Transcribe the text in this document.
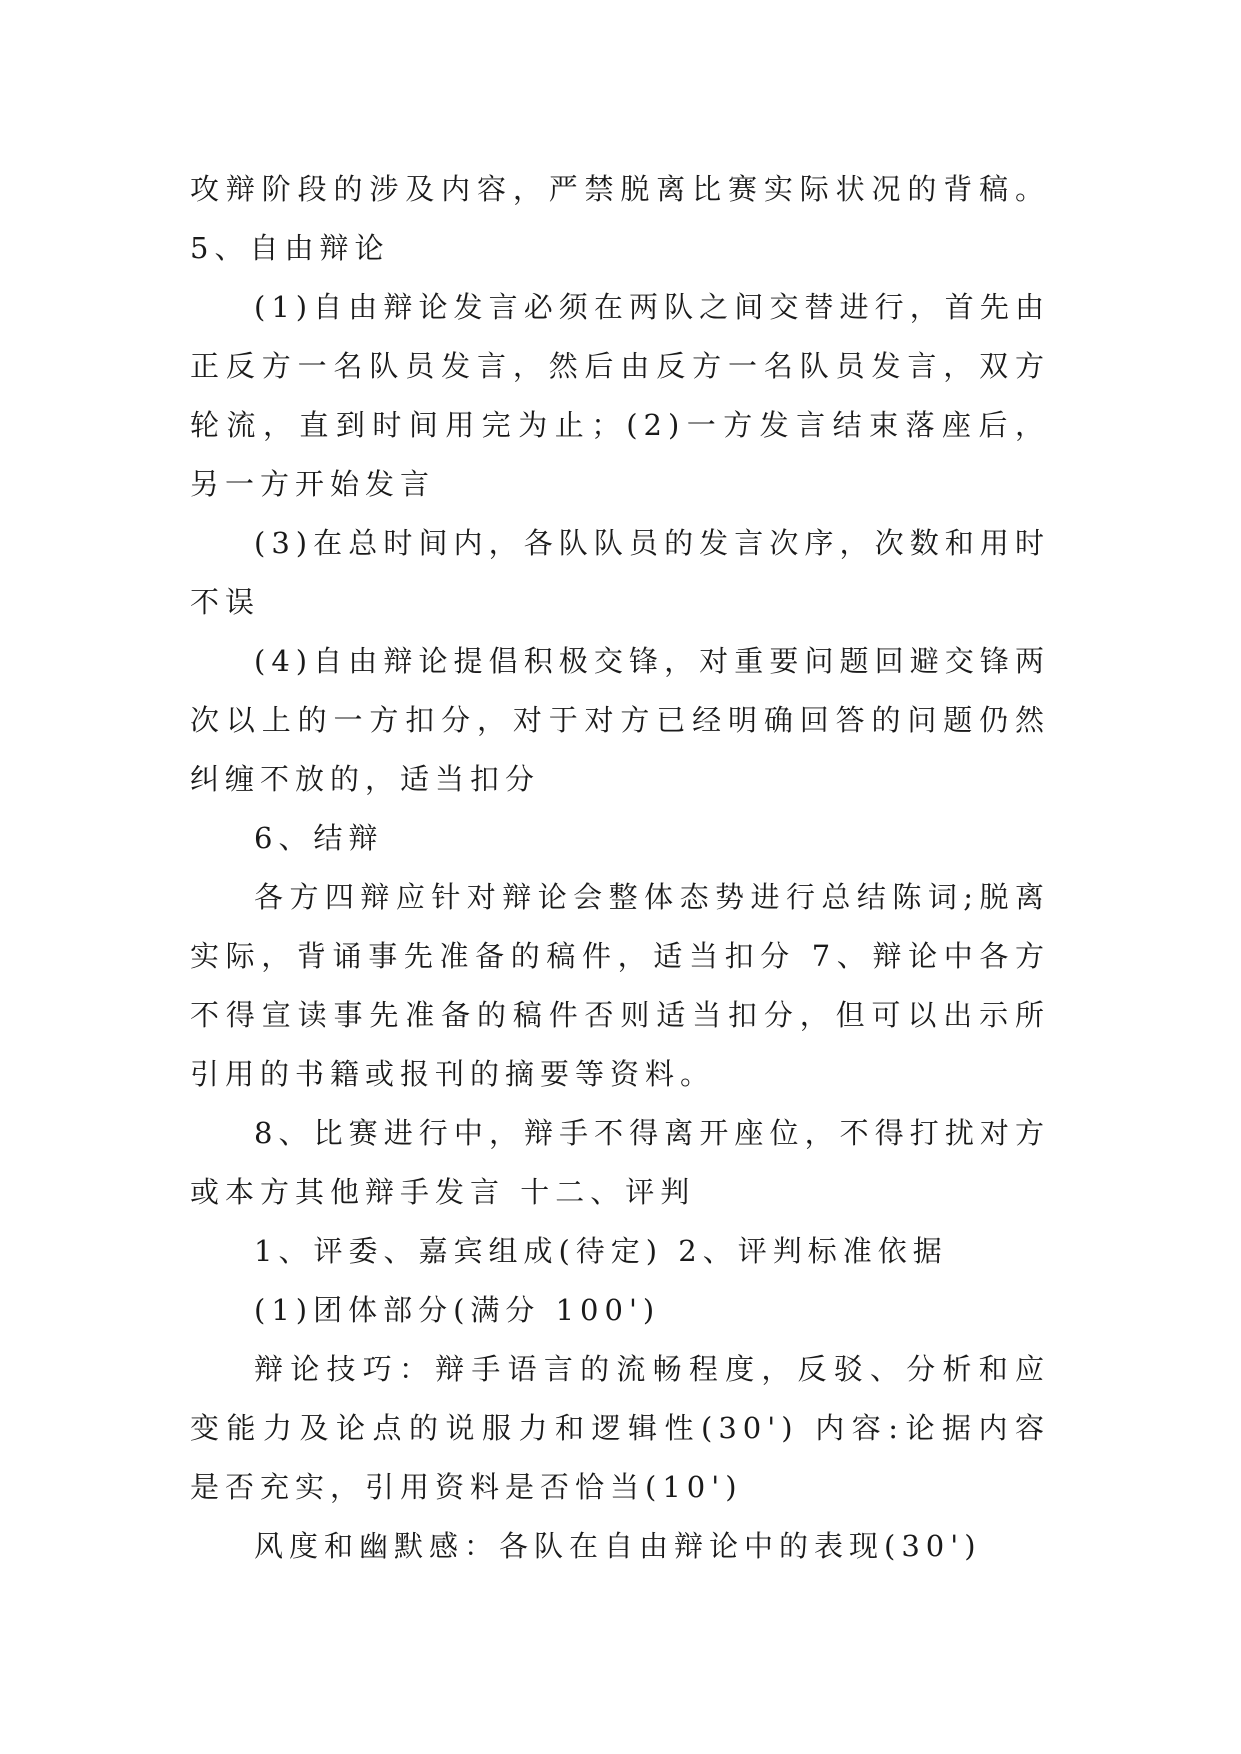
攻辩阶段的涉及内容，严禁脱离比赛实际状况的背稿。 5、自由辩论

(1)自由辩论发言必须在两队之间交替进行，首先由正反方一名队员发言，然后由反方一名队员发言，双方轮流，直到时间用完为止；(2)一方发言结束落座后，另一方开始发言

(3)在总时间内，各队队员的发言次序，次数和用时不误

(4)自由辩论提倡积极交锋，对重要问题回避交锋两次以上的一方扣分，对于对方已经明确回答的问题仍然纠缠不放的，适当扣分

6、结辩

各方四辩应针对辩论会整体态势进行总结陈词;脱离实际，背诵事先准备的稿件，适当扣分 7、辩论中各方不得宣读事先准备的稿件否则适当扣分，但可以出示所引用的书籍或报刊的摘要等资料。

8、比赛进行中，辩手不得离开座位，不得打扰对方或本方其他辩手发言 十二、评判

1、评委、嘉宾组成(待定) 2、评判标准依据

(1)团体部分(满分 100')

辩论技巧：辩手语言的流畅程度，反驳、分析和应变能力及论点的说服力和逻辑性(30') 内容:论据内容是否充实，引用资料是否恰当(10')

风度和幽默感：各队在自由辩论中的表现(30')
